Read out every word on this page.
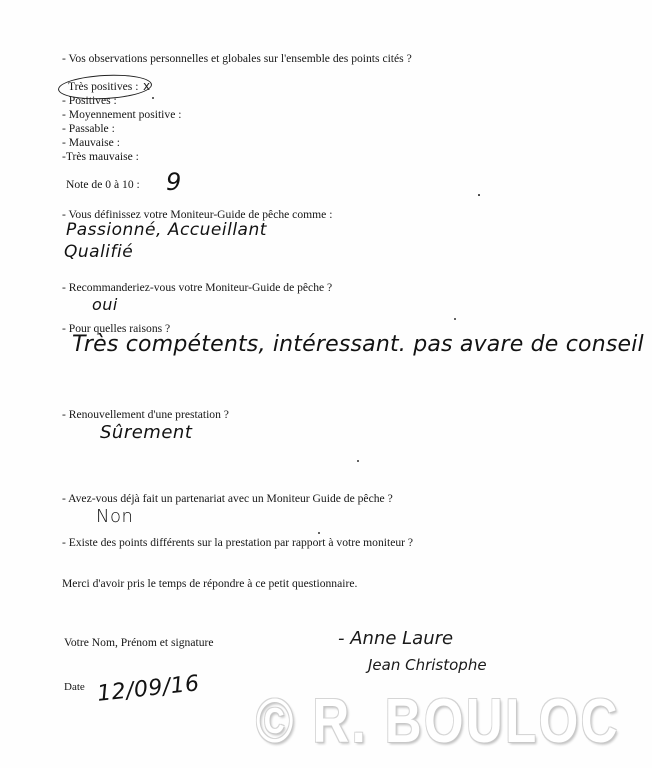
- Vos observations personnelles et globales sur l'ensemble des points cités ?
Très positives : x
- Positives :
- Moyennement positive :
- Passable :
- Mauvaise :
-Très mauvaise :
Note de 0 à 10 : 9
- Vous définissez votre Moniteur-Guide de pêche comme :
Passionné, Accueillant
Qualifié
- Recommanderiez-vous votre Moniteur-Guide de pêche ?
oui
- Pour quelles raisons ?
Très compétents, intéressant. pas avare de conseil
- Renouvellement d'une prestation ?
Sûrement
- Avez-vous déjà fait un partenariat avec un Moniteur Guide de pêche ?
Non
- Existe des points différents sur la prestation par rapport à votre moniteur ?
Merci d'avoir pris le temps de répondre à ce petit questionnaire.
Votre Nom, Prénom et signature	- Anne Laure
Jean Christophe
Date 12/09/16 © R. BOULOC
